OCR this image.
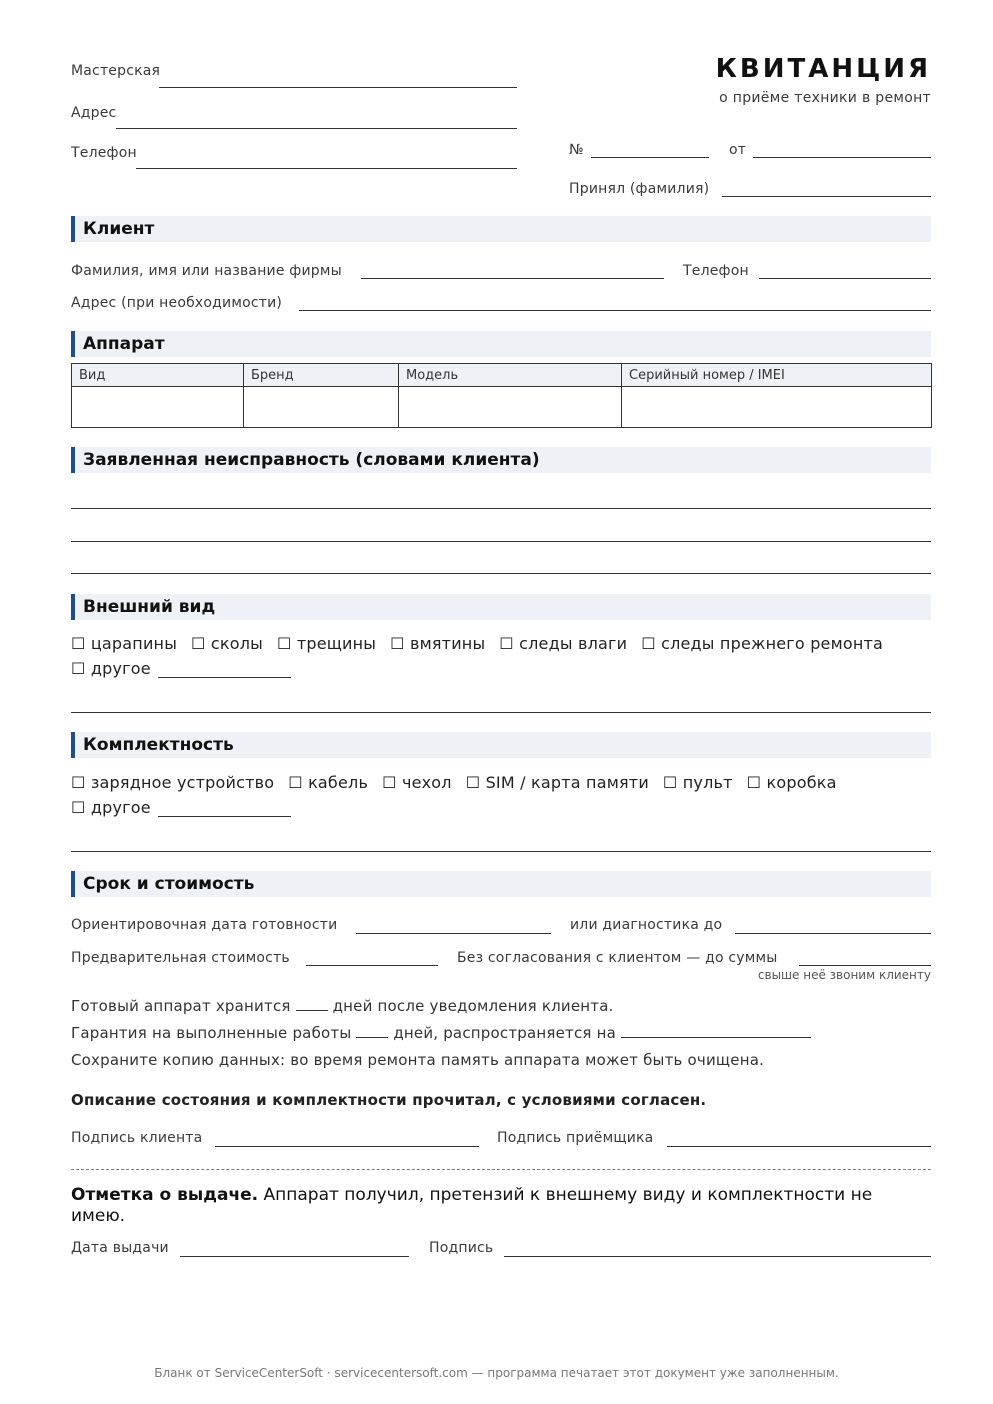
Мастерская
Адрес
Телефон
КВИТАНЦИЯ
о приёме техники в ремонт
№	от
Принял (фамилия)
Клиент
Фамилия, имя или название фирмы	Телефон
Адрес (при необходимости)
Аппарат
Вид	Бренд	Модель	Серийный номер / IMEI

Заявленная неисправность (словами клиента)
Внешний вид
☐ царапины ☐ сколы ☐ трещины ☐ вмятины ☐ следы влаги ☐ следы прежнего ремонта
☐ другое
Комплектность
☐ зарядное устройство ☐ кабель ☐ чехол ☐ SIM / карта памяти ☐ пульт ☐ коробка
☐ другое
Срок и стоимость
Ориентировочная дата готовности	или диагностика до
Предварительная стоимость	Без согласования с клиентом — до суммы
свыше неё звоним клиенту
Готовый аппарат хранится	дней после уведомления клиента.
Гарантия на выполненные работы	дней, распространяется на
Сохраните копию данных: во время ремонта память аппарата может быть очищена.
Описание состояния и комплектности прочитал, с условиями согласен.
Подпись клиента	Подпись приёмщика
Отметка о выдаче. Аппарат получил, претензий к внешнему виду и комплектности не имею.
Дата выдачи	Подпись
Бланк от ServiceCenterSoft · servicecentersoft.com — программа печатает этот документ уже заполненным.
